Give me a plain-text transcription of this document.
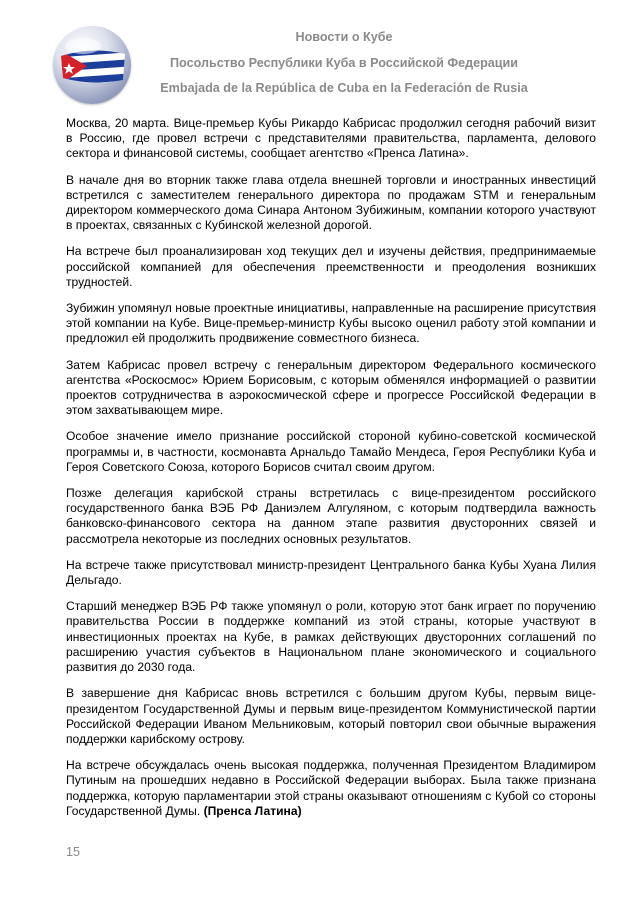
Новости о Кубе
Посольство Республики Куба в Российской Федерации
Embajada de la República de Cuba en la Federación de Rusia

Москва, 20 марта. Вице-премьер Кубы Рикардо Кабрисас продолжил сегодня рабочий визит в Россию, где провел встречи с представителями правительства, парламента, делового сектора и финансовой системы, сообщает агентство «Пренса Латина».

В начале дня во вторник также глава отдела внешней торговли и иностранных инвестиций встретился с заместителем генерального директора по продажам STM и генеральным директором коммерческого дома Синара Антоном Зубижиным, компании которого участвуют в проектах, связанных с Кубинской железной дорогой.

На встрече был проанализирован ход текущих дел и изучены действия, предпринимаемые российской компанией для обеспечения преемственности и преодоления возникших трудностей.

Зубижин упомянул новые проектные инициативы, направленные на расширение присутствия этой компании на Кубе. Вице-премьер-министр Кубы высоко оценил работу этой компании и предложил ей продолжить продвижение совместного бизнеса.

Затем Кабрисас провел встречу с генеральным директором Федерального космического агентства «Роскосмос» Юрием Борисовым, с которым обменялся информацией о развитии проектов сотрудничества в аэрокосмической сфере и прогрессе Российской Федерации в этом захватывающем мире.

Особое значение имело признание российской стороной кубино-советской космической программы и, в частности, космонавта Арнальдо Тамайо Мендеса, Героя Республики Куба и Героя Советского Союза, которого Борисов считал своим другом.

Позже делегация карибской страны встретилась с вице-президентом российского государственного банка ВЭБ РФ Даниэлем Алгуляном, с которым подтвердила важность банковско-финансового сектора на данном этапе развития двусторонних связей и рассмотрела некоторые из последних основных результатов.

На встрече также присутствовал министр-президент Центрального банка Кубы Хуана Лилия Дельгадо.

Старший менеджер ВЭБ РФ также упомянул о роли, которую этот банк играет по поручению правительства России в поддержке компаний из этой страны, которые участвуют в инвестиционных проектах на Кубе, в рамках действующих двусторонних соглашений по расширению участия субъектов в Национальном плане экономического и социального развития до 2030 года.

В завершение дня Кабрисас вновь встретился с большим другом Кубы, первым вице-президентом Государственной Думы и первым вице-президентом Коммунистической партии Российской Федерации Иваном Мельниковым, который повторил свои обычные выражения поддержки карибскому острову.

На встрече обсуждалась очень высокая поддержка, полученная Президентом Владимиром Путиным на прошедших недавно в Российской Федерации выборах. Была также признана поддержка, которую парламентарии этой страны оказывают отношениям с Кубой со стороны Государственной Думы. (Пренса Латина)

15
